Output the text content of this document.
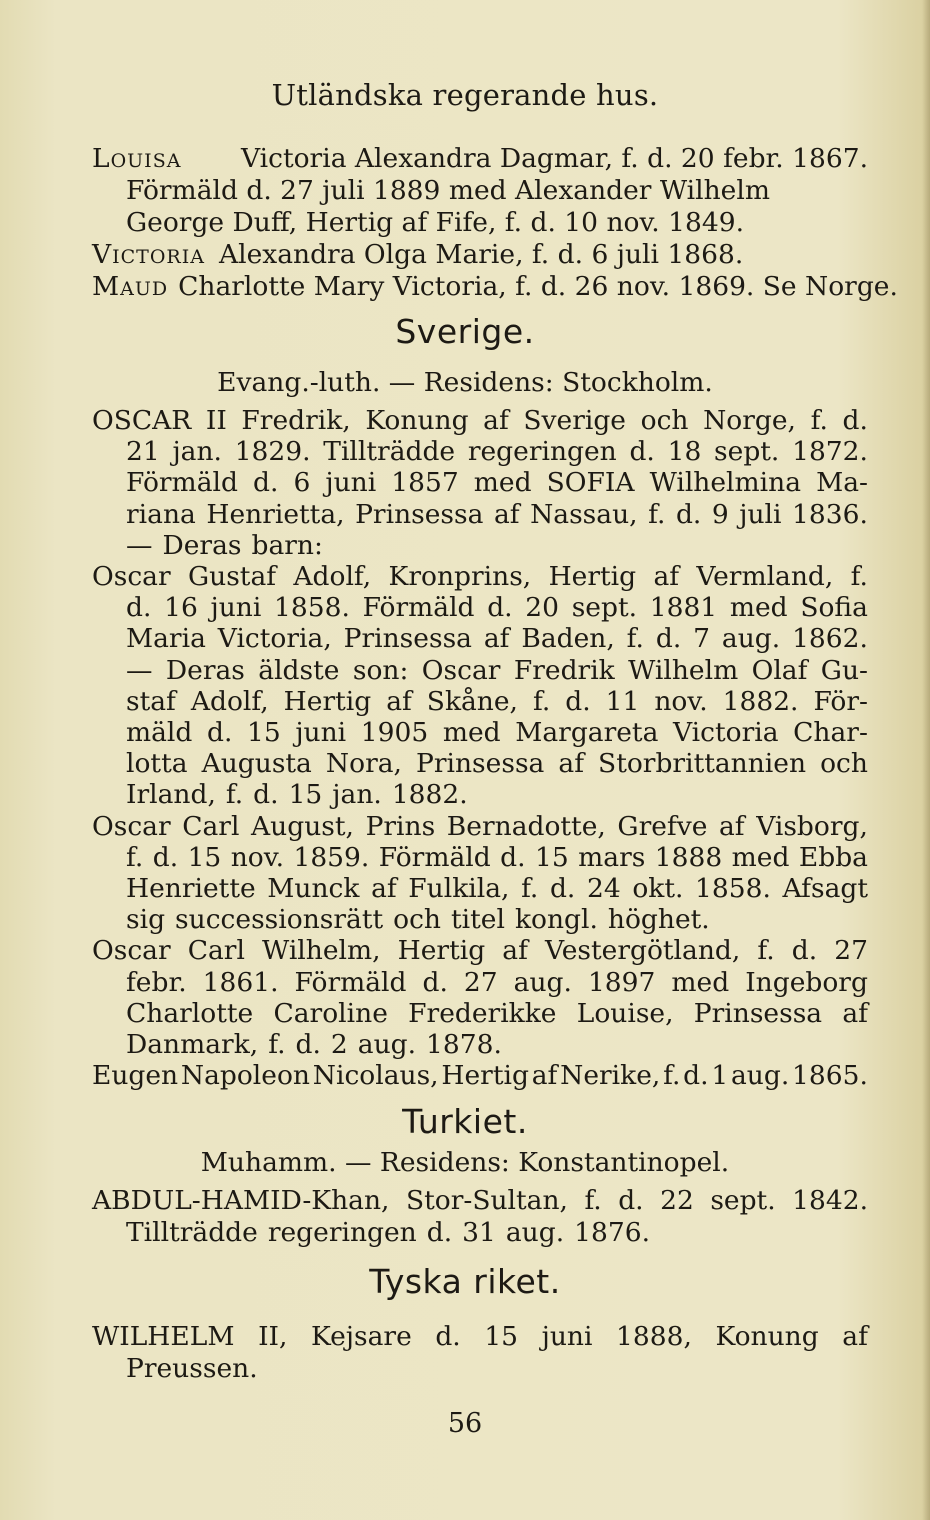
Utländska regerande hus.
Louisa	Victoria Alexandra Dagmar, f. d. 20 febr. 1867.
Förmäld d. 27 juli 1889 med Alexander Wilhelm
George Duff, Hertig af Fife, f. d. 10 nov. 1849.
Victoria Alexandra Olga Marie, f. d. 6 juli 1868.
Maud Charlotte Mary Victoria, f. d. 26 nov. 1869. Se Norge.
Sverige.
Evang.-luth. — Residens: Stockholm.
OSCAR II Fredrik, Konung af Sverige och Norge, f. d.
21 jan. 1829. Tillträdde regeringen d. 18 sept. 1872.
Förmäld d. 6 juni 1857 med SOFIA Wilhelmina Ma-
riana Henrietta, Prinsessa af Nassau, f. d. 9 juli 1836.
— Deras barn:
Oscar Gustaf Adolf, Kronprins, Hertig af Vermland, f.
d. 16 juni 1858. Förmäld d. 20 sept. 1881 med Sofia
Maria Victoria, Prinsessa af Baden, f. d. 7 aug. 1862.
— Deras äldste son: Oscar Fredrik Wilhelm Olaf Gu-
staf Adolf, Hertig af Skåne, f. d. 11 nov. 1882. För-
mäld d. 15 juni 1905 med Margareta Victoria Char-
lotta Augusta Nora, Prinsessa af Storbrittannien och
Irland, f. d. 15 jan. 1882.
Oscar Carl August, Prins Bernadotte, Grefve af Visborg,
f. d. 15 nov. 1859. Förmäld d. 15 mars 1888 med Ebba
Henriette Munck af Fulkila, f. d. 24 okt. 1858. Afsagt
sig successionsrätt och titel kongl. höghet.
Oscar Carl Wilhelm, Hertig af Vestergötland, f. d. 27
febr. 1861. Förmäld d. 27 aug. 1897 med Ingeborg
Charlotte Caroline Frederikke Louise, Prinsessa af
Danmark, f. d. 2 aug. 1878.
Eugen Napoleon Nicolaus, Hertig af Nerike, f. d. 1 aug. 1865.
Turkiet.
Muhamm. — Residens: Konstantinopel.
ABDUL-HAMID-Khan, Stor-Sultan, f. d. 22 sept. 1842.
Tillträdde regeringen d. 31 aug. 1876.
Tyska riket.
WILHELM II, Kejsare d. 15 juni 1888, Konung af
Preussen.
56
